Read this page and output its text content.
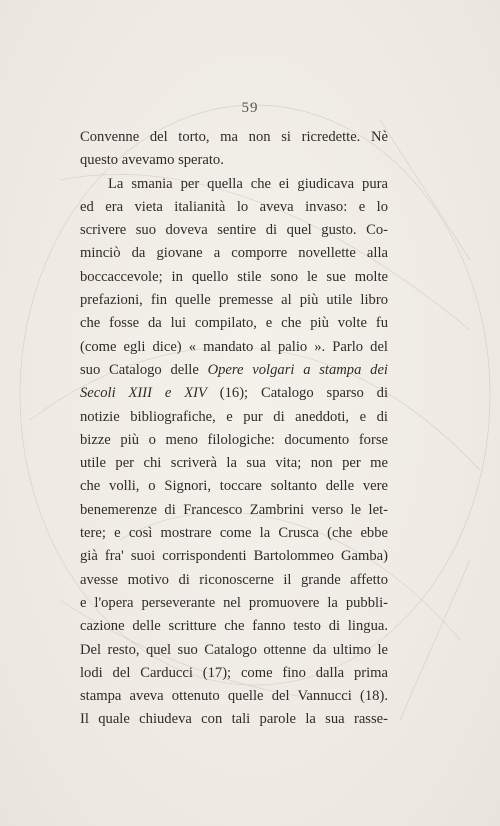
59
Convenne del torto, ma non si ricredette. Nè
questo avevamo sperato.
La smania per quella che ei giudicava pura
ed era vieta italianità lo aveva invaso: e lo
scrivere suo doveva sentire di quel gusto. Co-
minciò da giovane a comporre novellette alla
boccaccevole; in quello stile sono le sue molte
prefazioni, fin quelle premesse al più utile libro
che fosse da lui compilato, e che più volte fu
(come egli dice) « mandato al palio ». Parlo del
suo Catalogo delle Opere volgari a stampa dei
Secoli XIII e XIV (16); Catalogo sparso di
notizie bibliografiche, e pur di aneddoti, e di
bizze più o meno filologiche: documento forse
utile per chi scriverà la sua vita; non per me
che volli, o Signori, toccare soltanto delle vere
benemerenze di Francesco Zambrini verso le let-
tere; e così mostrare come la Crusca (che ebbe
già fra' suoi corrispondenti Bartolommeo Gamba)
avesse motivo di riconoscerne il grande affetto
e l'opera perseverante nel promuovere la pubbli-
cazione delle scritture che fanno testo di lingua.
Del resto, quel suo Catalogo ottenne da ultimo le
lodi del Carducci (17); come fino dalla prima
stampa aveva ottenuto quelle del Vannucci (18).
Il quale chiudeva con tali parole la sua rasse-
